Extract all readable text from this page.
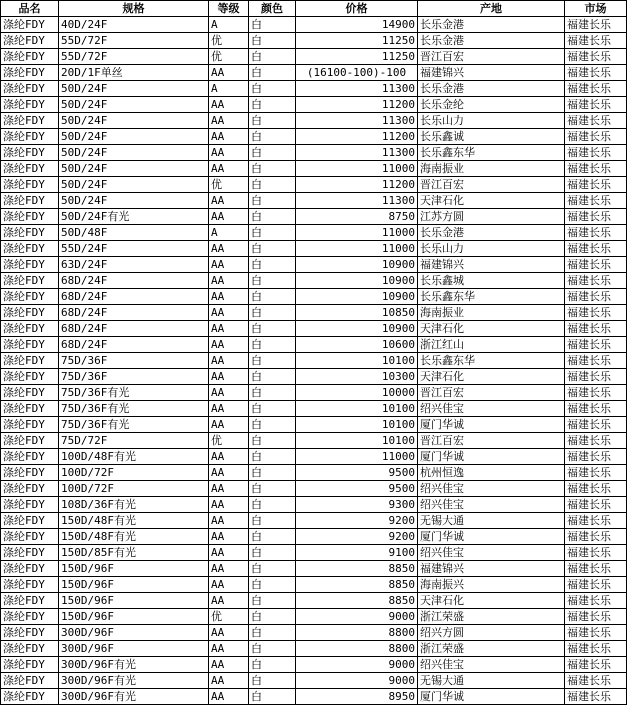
品名	规格	等级	颜色	价格	产地	市场
涤纶FDY	40D/24F	A	白	14900	长乐金港	福建长乐
涤纶FDY	55D/72F	优	白	11250	长乐金港	福建长乐
涤纶FDY	55D/72F	优	白	11250	晋江百宏	福建长乐
涤纶FDY	20D/1F单丝	AA	白	(16100-100)-100	福建锦兴	福建长乐
涤纶FDY	50D/24F	A	白	11300	长乐金港	福建长乐
涤纶FDY	50D/24F	AA	白	11200	长乐金纶	福建长乐
涤纶FDY	50D/24F	AA	白	11300	长乐山力	福建长乐
涤纶FDY	50D/24F	AA	白	11200	长乐鑫诚	福建长乐
涤纶FDY	50D/24F	AA	白	11300	长乐鑫东华	福建长乐
涤纶FDY	50D/24F	AA	白	11000	海南振业	福建长乐
涤纶FDY	50D/24F	优	白	11200	晋江百宏	福建长乐
涤纶FDY	50D/24F	AA	白	11300	天津石化	福建长乐
涤纶FDY	50D/24F有光	AA	白	8750	江苏方圆	福建长乐
涤纶FDY	50D/48F	A	白	11000	长乐金港	福建长乐
涤纶FDY	55D/24F	AA	白	11000	长乐山力	福建长乐
涤纶FDY	63D/24F	AA	白	10900	福建锦兴	福建长乐
涤纶FDY	68D/24F	AA	白	10900	长乐鑫城	福建长乐
涤纶FDY	68D/24F	AA	白	10900	长乐鑫东华	福建长乐
涤纶FDY	68D/24F	AA	白	10850	海南振业	福建长乐
涤纶FDY	68D/24F	AA	白	10900	天津石化	福建长乐
涤纶FDY	68D/24F	AA	白	10600	浙江红山	福建长乐
涤纶FDY	75D/36F	AA	白	10100	长乐鑫东华	福建长乐
涤纶FDY	75D/36F	AA	白	10300	天津石化	福建长乐
涤纶FDY	75D/36F有光	AA	白	10000	晋江百宏	福建长乐
涤纶FDY	75D/36F有光	AA	白	10100	绍兴佳宝	福建长乐
涤纶FDY	75D/36F有光	AA	白	10100	厦门华诚	福建长乐
涤纶FDY	75D/72F	优	白	10100	晋江百宏	福建长乐
涤纶FDY	100D/48F有光	AA	白	11000	厦门华诚	福建长乐
涤纶FDY	100D/72F	AA	白	9500	杭州恒逸	福建长乐
涤纶FDY	100D/72F	AA	白	9500	绍兴佳宝	福建长乐
涤纶FDY	108D/36F有光	AA	白	9300	绍兴佳宝	福建长乐
涤纶FDY	150D/48F有光	AA	白	9200	无锡大通	福建长乐
涤纶FDY	150D/48F有光	AA	白	9200	厦门华诚	福建长乐
涤纶FDY	150D/85F有光	AA	白	9100	绍兴佳宝	福建长乐
涤纶FDY	150D/96F	AA	白	8850	福建锦兴	福建长乐
涤纶FDY	150D/96F	AA	白	8850	海南振兴	福建长乐
涤纶FDY	150D/96F	AA	白	8850	天津石化	福建长乐
涤纶FDY	150D/96F	优	白	9000	浙江荣盛	福建长乐
涤纶FDY	300D/96F	AA	白	8800	绍兴方圆	福建长乐
涤纶FDY	300D/96F	AA	白	8800	浙江荣盛	福建长乐
涤纶FDY	300D/96F有光	AA	白	9000	绍兴佳宝	福建长乐
涤纶FDY	300D/96F有光	AA	白	9000	无锡大通	福建长乐
涤纶FDY	300D/96F有光	AA	白	8950	厦门华诚	福建长乐
